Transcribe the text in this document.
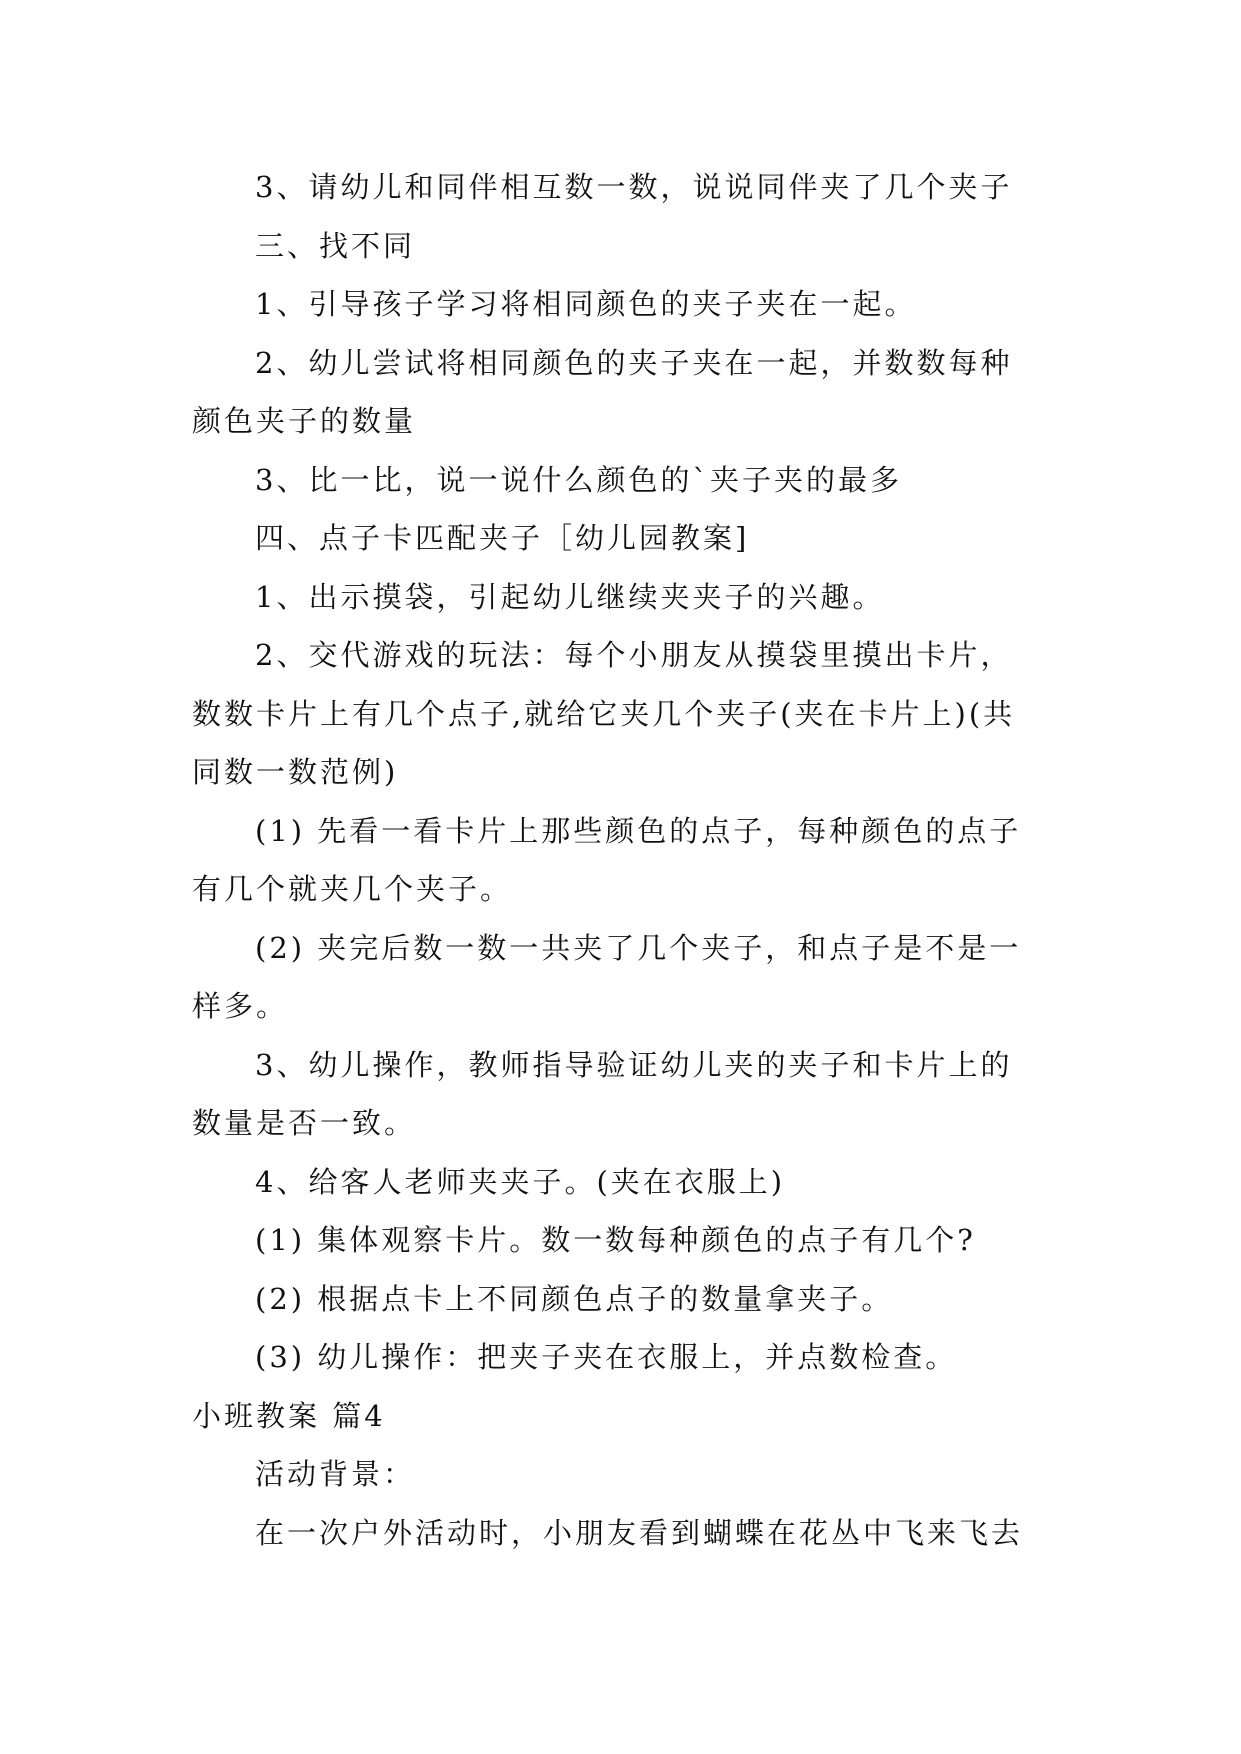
3、请幼儿和同伴相互数一数，说说同伴夹了几个夹子

三、找不同

1、引导孩子学习将相同颜色的夹子夹在一起。

2、幼儿尝试将相同颜色的夹子夹在一起，并数数每种

颜色夹子的数量

3、比一比，说一说什么颜色的`夹子夹的最多

四、点子卡匹配夹子［幼儿园教案]

1、出示摸袋，引起幼儿继续夹夹子的兴趣。

2、交代游戏的玩法：每个小朋友从摸袋里摸出卡片，

数数卡片上有几个点子,就给它夹几个夹子(夹在卡片上)(共

同数一数范例)

(1) 先看一看卡片上那些颜色的点子，每种颜色的点子

有几个就夹几个夹子。

(2) 夹完后数一数一共夹了几个夹子，和点子是不是一

样多。

3、幼儿操作，教师指导验证幼儿夹的夹子和卡片上的

数量是否一致。

4、给客人老师夹夹子。(夹在衣服上)

(1) 集体观察卡片。数一数每种颜色的点子有几个?

(2) 根据点卡上不同颜色点子的数量拿夹子。

(3) 幼儿操作：把夹子夹在衣服上，并点数检查。

小班教案 篇4

活动背景：

在一次户外活动时，小朋友看到蝴蝶在花丛中飞来飞去
